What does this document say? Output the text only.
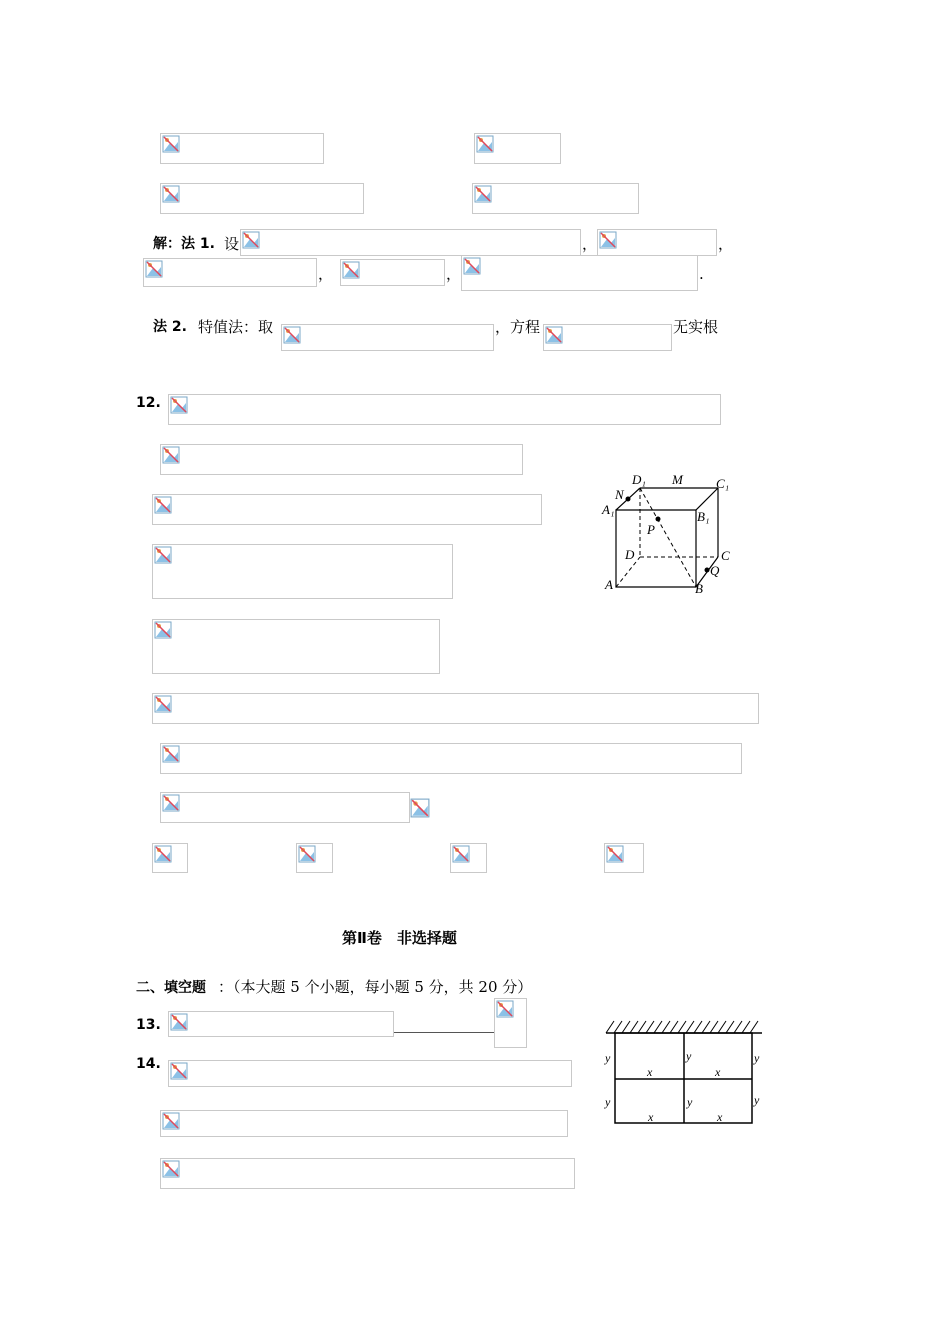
解：法 1. 设	，	，
，	，	.
法 2. 特值法：取	，方程	无实根
12.
D₁ M	C₁
N
A₁	B₁
P
D	C
Q
A	B
第Ⅱ卷　非选择题
二、填空题 ：（本大题 5 个小题，每小题 5 分，共 20 分）
13.
14.	y	y	y
x	x
y	y	y
x	x
